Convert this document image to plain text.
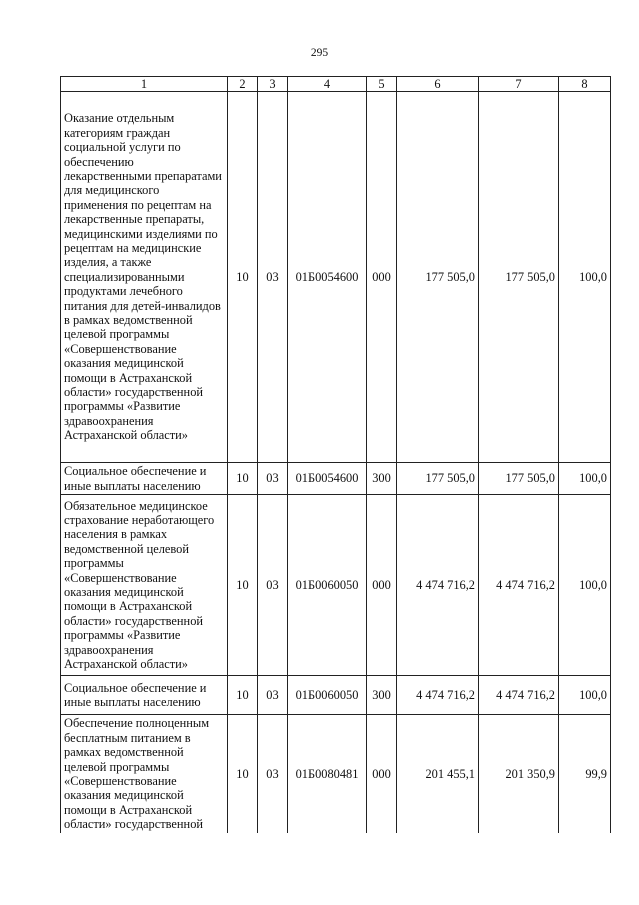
295
1	2	3	4	5	6	7	8
Оказание отдельным категориям граждан социальной услуги по обеспечению лекарственными препаратами для медицинского применения по рецептам на лекарственные препараты, медицинскими изделиями по рецептам на медицинские изделия, а также специализированными продуктами лечебного питания для детей-инвалидов в рамках ведомственной целевой программы «Совершенствование оказания медицинской помощи в Астраханской области» государственной программы «Развитие здравоохранения Астраханской области»	10	03	01Б0054600	000	177 505,0	177 505,0	100,0
Социальное обеспечение и иные выплаты населению	10	03	01Б0054600	300	177 505,0	177 505,0	100,0
Обязательное медицинское страхование неработающего населения в рамках ведомственной целевой программы «Совершенствование оказания медицинской помощи в Астраханской области» государственной программы «Развитие здравоохранения Астраханской области»	10	03	01Б0060050	000	4 474 716,2	4 474 716,2	100,0
Социальное обеспечение и иные выплаты населению	10	03	01Б0060050	300	4 474 716,2	4 474 716,2	100,0
Обеспечение полноценным бесплатным питанием в рамках ведомственной целевой программы «Совершенствование оказания медицинской помощи в Астраханской области» государственной	10	03	01Б0080481	000	201 455,1	201 350,9	99,9
